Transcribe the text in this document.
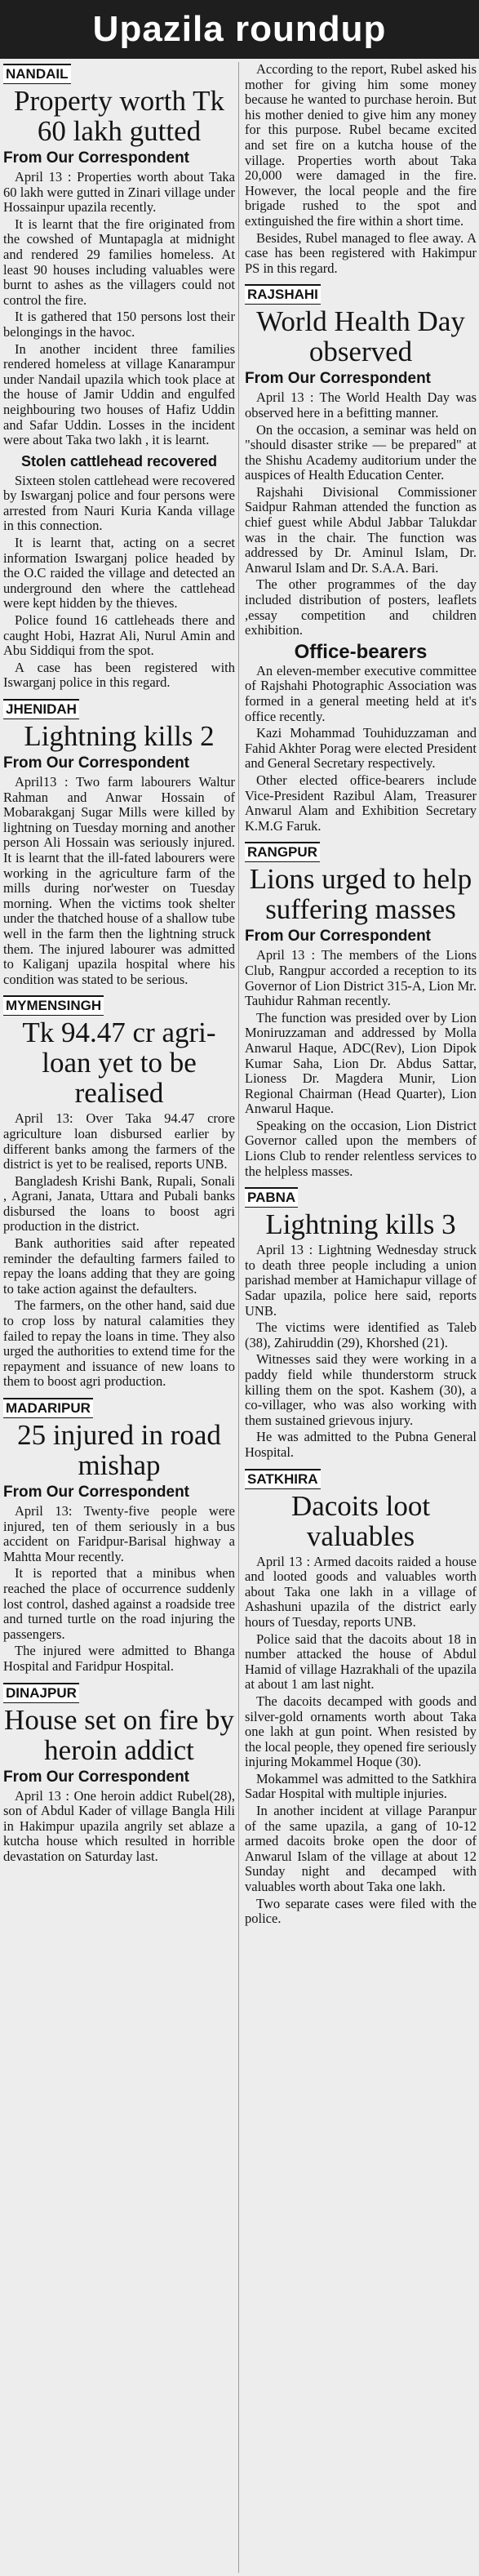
Upazila roundup
NANDAIL
Property worth Tk 60 lakh gutted
From Our Correspondent

April 13 : Properties worth about Taka 60 lakh were gutted in Zinari village under Hossainpur upazila recently.

It is learnt that the fire originated from the cowshed of Muntapagla at midnight and rendered 29 families homeless. At least 90 houses including valuables were burnt to ashes as the villagers could not control the fire.

It is gathered that 150 persons lost their belongings in the havoc.

In another incident three families rendered homeless at village Kanarampur under Nandail upazila which took place at the house of Jamir Uddin and engulfed neighbouring two houses of Hafiz Uddin and Safar Uddin. Losses in the incident were about Taka two lakh , it is learnt.

Stolen cattlehead recovered

Sixteen stolen cattlehead were recovered by Iswarganj police and four persons were arrested from Nauri Kuria Kanda village in this connection.

It is learnt that, acting on a secret information Iswarganj police headed by the O.C raided the village and detected an underground den where the cattlehead were kept hidden by the thieves.

Police found 16 cattleheads there and caught Hobi, Hazrat Ali, Nurul Amin and Abu Siddiqui from the spot.

A case has been registered with Iswarganj police in this regard.

JHENIDAH
Lightning kills 2
From Our Correspondent

April13 : Two farm labourers Waltur Rahman and Anwar Hossain of Mobarakganj Sugar Mills were killed by lightning on Tuesday morning and another person Ali Hossain was seriously injured. It is learnt that the ill-fated labourers were working in the agriculture farm of the mills during nor'wester on Tuesday morning. When the victims took shelter under the thatched house of a shallow tube well in the farm then the lightning struck them. The injured labourer was admitted to Kaliganj upazila hospital where his condition was stated to be serious.

MYMENSINGH
Tk 94.47 cr agri-loan yet to be realised

April 13: Over Taka 94.47 crore agriculture loan disbursed earlier by different banks among the farmers of the district is yet to be realised, reports UNB.

Bangladesh Krishi Bank, Rupali, Sonali , Agrani, Janata, Uttara and Pubali banks disbursed the loans to boost agri production in the district.

Bank authorities said after repeated reminder the defaulting farmers failed to repay the loans adding that they are going to take action against the defaulters.

The farmers, on the other hand, said due to crop loss by natural calamities they failed to repay the loans in time. They also urged the authorities to extend time for the repayment and issuance of new loans to them to boost agri production.

MADARIPUR
25 injured in road mishap
From Our Correspondent

April 13: Twenty-five people were injured, ten of them seriously in a bus accident on Faridpur-Barisal highway a Mahtta Mour recently.

It is reported that a minibus when reached the place of occurrence suddenly lost control, dashed against a roadside tree and turned turtle on the road injuring the passengers.

The injured were admitted to Bhanga Hospital and Faridpur Hospital.

DINAJPUR
House set on fire by heroin addict
From Our Correspondent

April 13 : One heroin addict Rubel(28), son of Abdul Kader of village Bangla Hili in Hakimpur upazila angrily set ablaze a kutcha house which resulted in horrible devastation on Saturday last.

According to the report, Rubel asked his mother for giving him some money because he wanted to purchase heroin. But his mother denied to give him any money for this purpose. Rubel became excited and set fire on a kutcha house of the village. Properties worth about Taka 20,000 were damaged in the fire. However, the local people and the fire brigade rushed to the spot and extinguished the fire within a short time.

Besides, Rubel managed to flee away. A case has been registered with Hakimpur PS in this regard.

RAJSHAHI
World Health Day observed
From Our Correspondent

April 13 : The World Health Day was observed here in a befitting manner.

On the occasion, a seminar was held on "should disaster strike — be prepared" at the Shishu Academy auditorium under the auspices of Health Education Center.

Rajshahi Divisional Commissioner Saidpur Rahman attended the function as chief guest while Abdul Jabbar Talukdar was in the chair. The function was addressed by Dr. Aminul Islam, Dr. Anwarul Islam and Dr. S.A.A. Bari.

The other programmes of the day included distribution of posters, leaflets ,essay competition and children exhibition.

Office-bearers

An eleven-member executive committee of Rajshahi Photographic Association was formed in a general meeting held at it's office recently.

Kazi Mohammad Touhiduzzaman and Fahid Akhter Porag were elected President and General Secretary respectively.

Other elected office-bearers include Vice-President Razibul Alam, Treasurer Anwarul Alam and Exhibition Secretary K.M.G Faruk.

RANGPUR
Lions urged to help suffering masses
From Our Correspondent

April 13 : The members of the Lions Club, Rangpur accorded a reception to its Governor of Lion District 315-A, Lion Mr. Tauhidur Rahman recently.

The function was presided over by Lion Moniruzzaman and addressed by Molla Anwarul Haque, ADC(Rev), Lion Dipok Kumar Saha, Lion Dr. Abdus Sattar, Lioness Dr. Magdera Munir, Lion Regional Chairman (Head Quarter), Lion Anwarul Haque.

Speaking on the occasion, Lion District Governor called upon the members of Lions Club to render relentless services to the helpless masses.

PABNA
Lightning kills 3

April 13 : Lightning Wednesday struck to death three people including a union parishad member at Hamichapur village of Sadar upazila, police here said, reports UNB.

The victims were identified as Taleb (38), Zahiruddin (29), Khorshed (21).

Witnesses said they were working in a paddy field while thunderstorm struck killing them on the spot. Kashem (30), a co-villager, who was also working with them sustained grievous injury.

He was admitted to the Pubna General Hospital.

SATKHIRA
Dacoits loot valuables

April 13 : Armed dacoits raided a house and looted goods and valuables worth about Taka one lakh in a village of Ashashuni upazila of the district early hours of Tuesday, reports UNB.

Police said that the dacoits about 18 in number attacked the house of Abdul Hamid of village Hazrakhali of the upazila at about 1 am last night.

The dacoits decamped with goods and silver-gold ornaments worth about Taka one lakh at gun point. When resisted by the local people, they opened fire seriously injuring Mokammel Hoque (30).

Mokammel was admitted to the Satkhira Sadar Hospital with multiple injuries.

In another incident at village Paranpur of the same upazila, a gang of 10-12 armed dacoits broke open the door of Anwarul Islam of the village at about 12 Sunday night and decamped with valuables worth about Taka one lakh.

Two separate cases were filed with the police.
